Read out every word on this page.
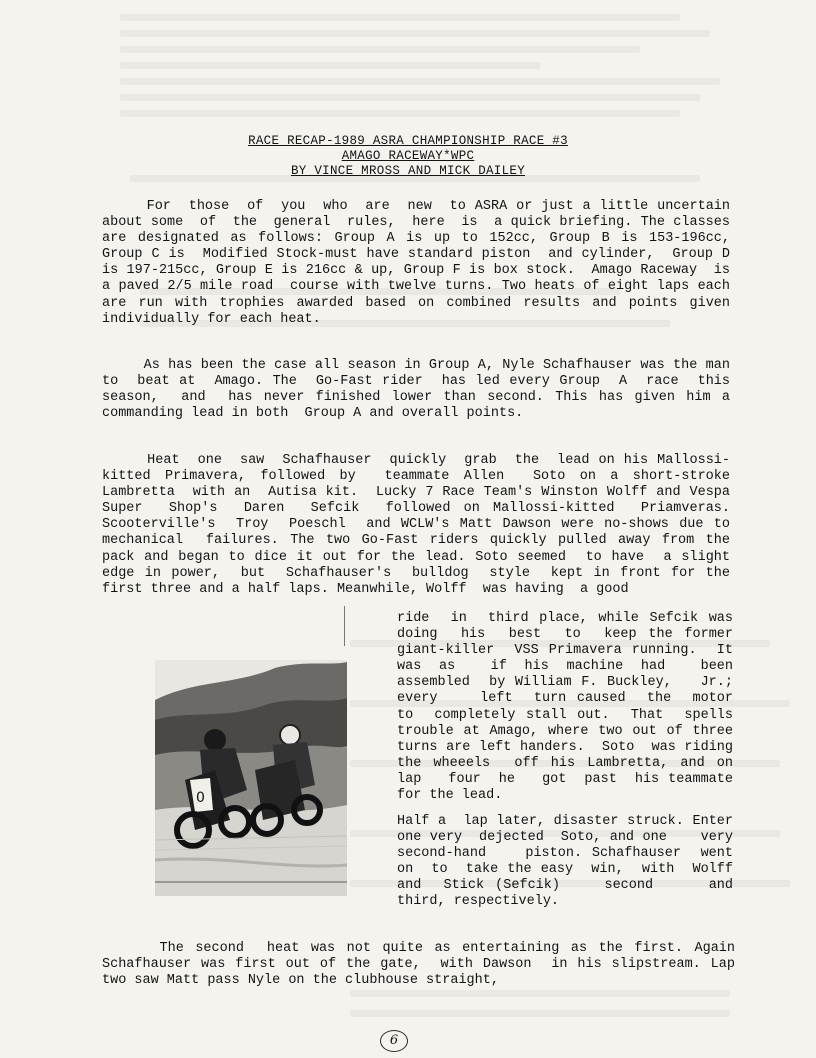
RACE RECAP-1989 ASRA CHAMPIONSHIP RACE #3
AMAGO RACEWAY*WPC
BY VINCE MROSS AND MICK DAILEY

For  those  of  you  who  are  new  to ASRA or just a little uncertain about some  of  the  general  rules,  here  is  a quick briefing. The classes are designated as follows: Group A is up to 152cc, Group B is 153-196cc, Group C is  Modified Stock-must have standard piston  and cylinder,  Group D  is 197-215cc, Group E is 216cc & up, Group F is box stock.  Amago Raceway  is a paved 2/5 mile road  course with twelve turns. Two heats of eight laps each are run with trophies awarded based on combined results and points given individually for each heat.

As has been the case all season in Group A, Nyle Schafhauser was the man to  beat at  Amago. The  Go-Fast rider  has led every Group  A  race  this  season,  and  has never finished lower than second. This has given him a commanding lead in both  Group A and overall points.

Heat  one  saw  Schafhauser  quickly  grab  the  lead on his Mallossi-kitted Primavera, followed by  teammate Allen  Soto on a short-stroke Lambretta  with an  Autisa kit.  Lucky 7 Race Team's Winston Wolff and Vespa Super  Shop's  Daren  Sefcik  followed on Mallossi-kitted  Priamveras.   Scooterville's  Troy  Poeschl  and WCLW's Matt Dawson were no-shows due to mechanical  failures. The two Go-Fast riders quickly pulled away from the pack and began to dice it out for the lead. Soto seemed  to have  a slight  edge in power,  but  Schafhauser's  bulldog  style  kept in front for the first three and a half laps. Meanwhile, Wolff  was having  a good

0

ride  in  third place, while Sefcik was  doing  his  best  to  keep the former  giant-killer  VSS Primavera running.  It  was as  if his machine had  been  assembled  by William F. Buckley,   Jr.;    every    left  turn caused  the  motor  to  completely stall out.  That  spells  trouble at Amago, where two out of three turns are left handers.  Soto  was riding the wheeels  off his Lambretta, and on  lap   four  he   got  past  his teammate for the lead.

Half a  lap later, disaster struck. Enter one very  dejected  Soto, and one    very    second-hand    piston. Schafhauser  went  on  to  take the easy  win,  with  Wolff  and  Stick (Sefcik)    second     and     third, respectively.

The second  heat was not quite as entertaining as the first. Again Schafhauser was first out of the gate,  with Dawson  in his slipstream. Lap two saw Matt pass Nyle on the clubhouse straight,

6
